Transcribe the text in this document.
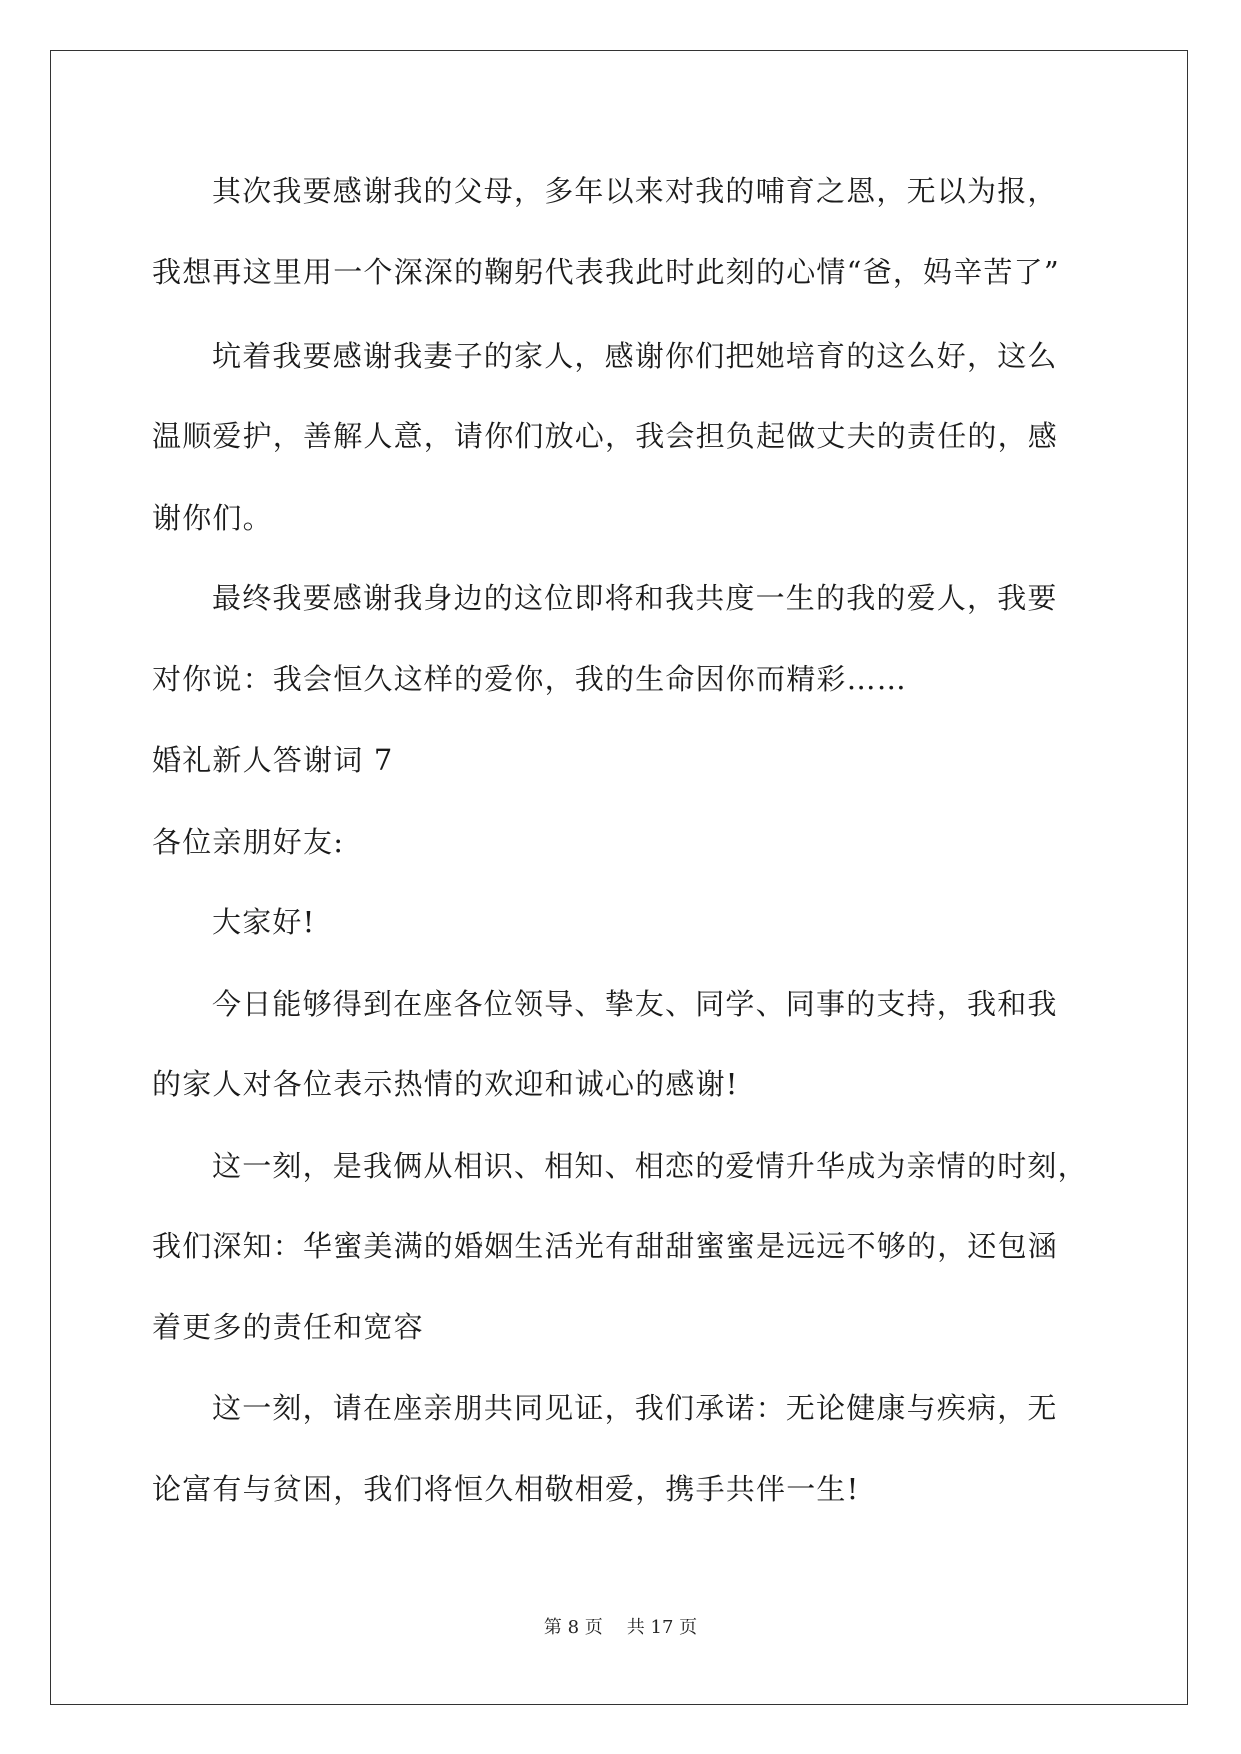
其次我要感谢我的父母，多年以来对我的哺育之恩，无以为报，
我想再这里用一个深深的鞠躬代表我此时此刻的心情“爸，妈辛苦了”
坑着我要感谢我妻子的家人，感谢你们把她培育的这么好，这么
温顺爱护，善解人意，请你们放心，我会担负起做丈夫的责任的，感
谢你们。
最终我要感谢我身边的这位即将和我共度一生的我的爱人，我要
对你说：我会恒久这样的爱你，我的生命因你而精彩……
婚礼新人答谢词 7
各位亲朋好友:
大家好!
今日能够得到在座各位领导、挚友、同学、同事的支持，我和我
的家人对各位表示热情的欢迎和诚心的感谢!
这一刻，是我俩从相识、相知、相恋的爱情升华成为亲情的时刻，
我们深知：华蜜美满的婚姻生活光有甜甜蜜蜜是远远不够的，还包涵
着更多的责任和宽容
这一刻，请在座亲朋共同见证，我们承诺：无论健康与疾病，无
论富有与贫困，我们将恒久相敬相爱，携手共伴一生!
第 8 页 共 17 页
